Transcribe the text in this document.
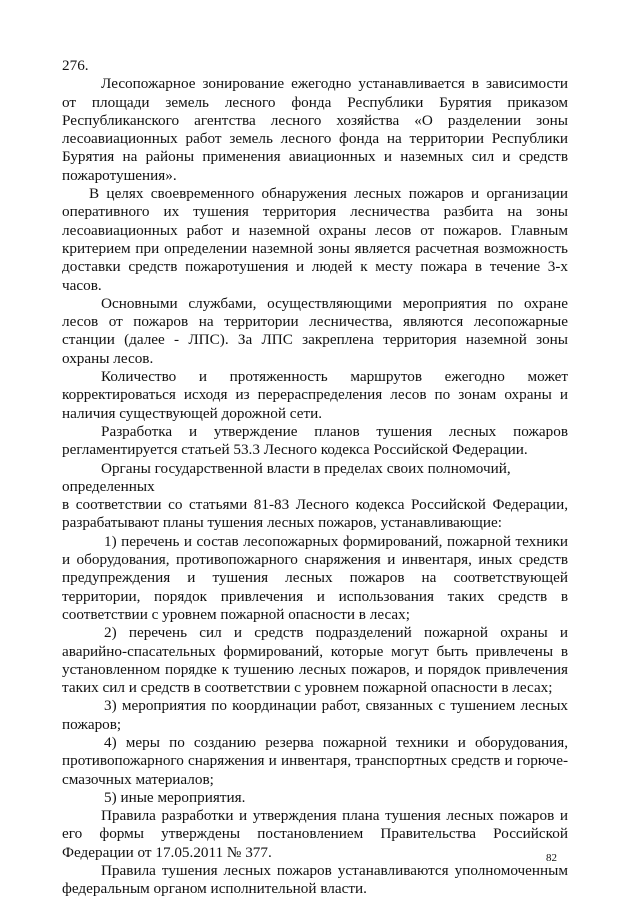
276.

Лесопожарное зонирование ежегодно устанавливается в зависимости от площади земель лесного фонда Республики Бурятия приказом Республиканского агентства лесного хозяйства «О разделении зоны лесоавиационных работ земель лесного фонда на территории Республики Бурятия на районы применения авиационных и наземных сил и средств пожаротушения».

В целях своевременного обнаружения лесных пожаров и организации оперативного их тушения территория лесничества разбита на зоны лесоавиационных работ и наземной охраны лесов от пожаров. Главным критерием при определении наземной зоны является расчетная возможность доставки средств пожаротушения и людей к месту пожара в течение 3-х часов.

Основными службами, осуществляющими мероприятия по охране лесов от пожаров на территории лесничества, являются лесопожарные станции (далее - ЛПС). За ЛПС закреплена территория наземной зоны охраны лесов.

Количество и протяженность маршрутов ежегодно может корректироваться исходя из перераспределения лесов по зонам охраны и наличия существующей дорожной сети.

Разработка и утверждение планов тушения лесных пожаров регламентируется статьей 53.3 Лесного кодекса Российской Федерации.

Органы государственной власти в пределах своих полномочий, определенных

в соответствии со статьями 81-83 Лесного кодекса Российской Федерации, разрабатывают планы тушения лесных пожаров, устанавливающие:

1) перечень и состав лесопожарных формирований, пожарной техники и оборудования, противопожарного снаряжения и инвентаря, иных средств предупреждения и тушения лесных пожаров на соответствующей территории, порядок привлечения и использования таких средств в соответствии с уровнем пожарной опасности в лесах;

2) перечень сил и средств подразделений пожарной охраны и аварийно-спасательных формирований, которые могут быть привлечены в установленном порядке к тушению лесных пожаров, и порядок привлечения таких сил и средств в соответствии с уровнем пожарной опасности в лесах;

3) мероприятия по координации работ, связанных с тушением лесных пожаров;

4) меры по созданию резерва пожарной техники и оборудования, противопожарного снаряжения и инвентаря, транспортных средств и горюче-смазочных материалов;

5) иные мероприятия.

Правила разработки и утверждения плана тушения лесных пожаров и его формы утверждены постановлением Правительства Российской Федерации от 17.05.2011 № 377.

Правила тушения лесных пожаров устанавливаются уполномоченным федеральным органом исполнительной власти.

82
